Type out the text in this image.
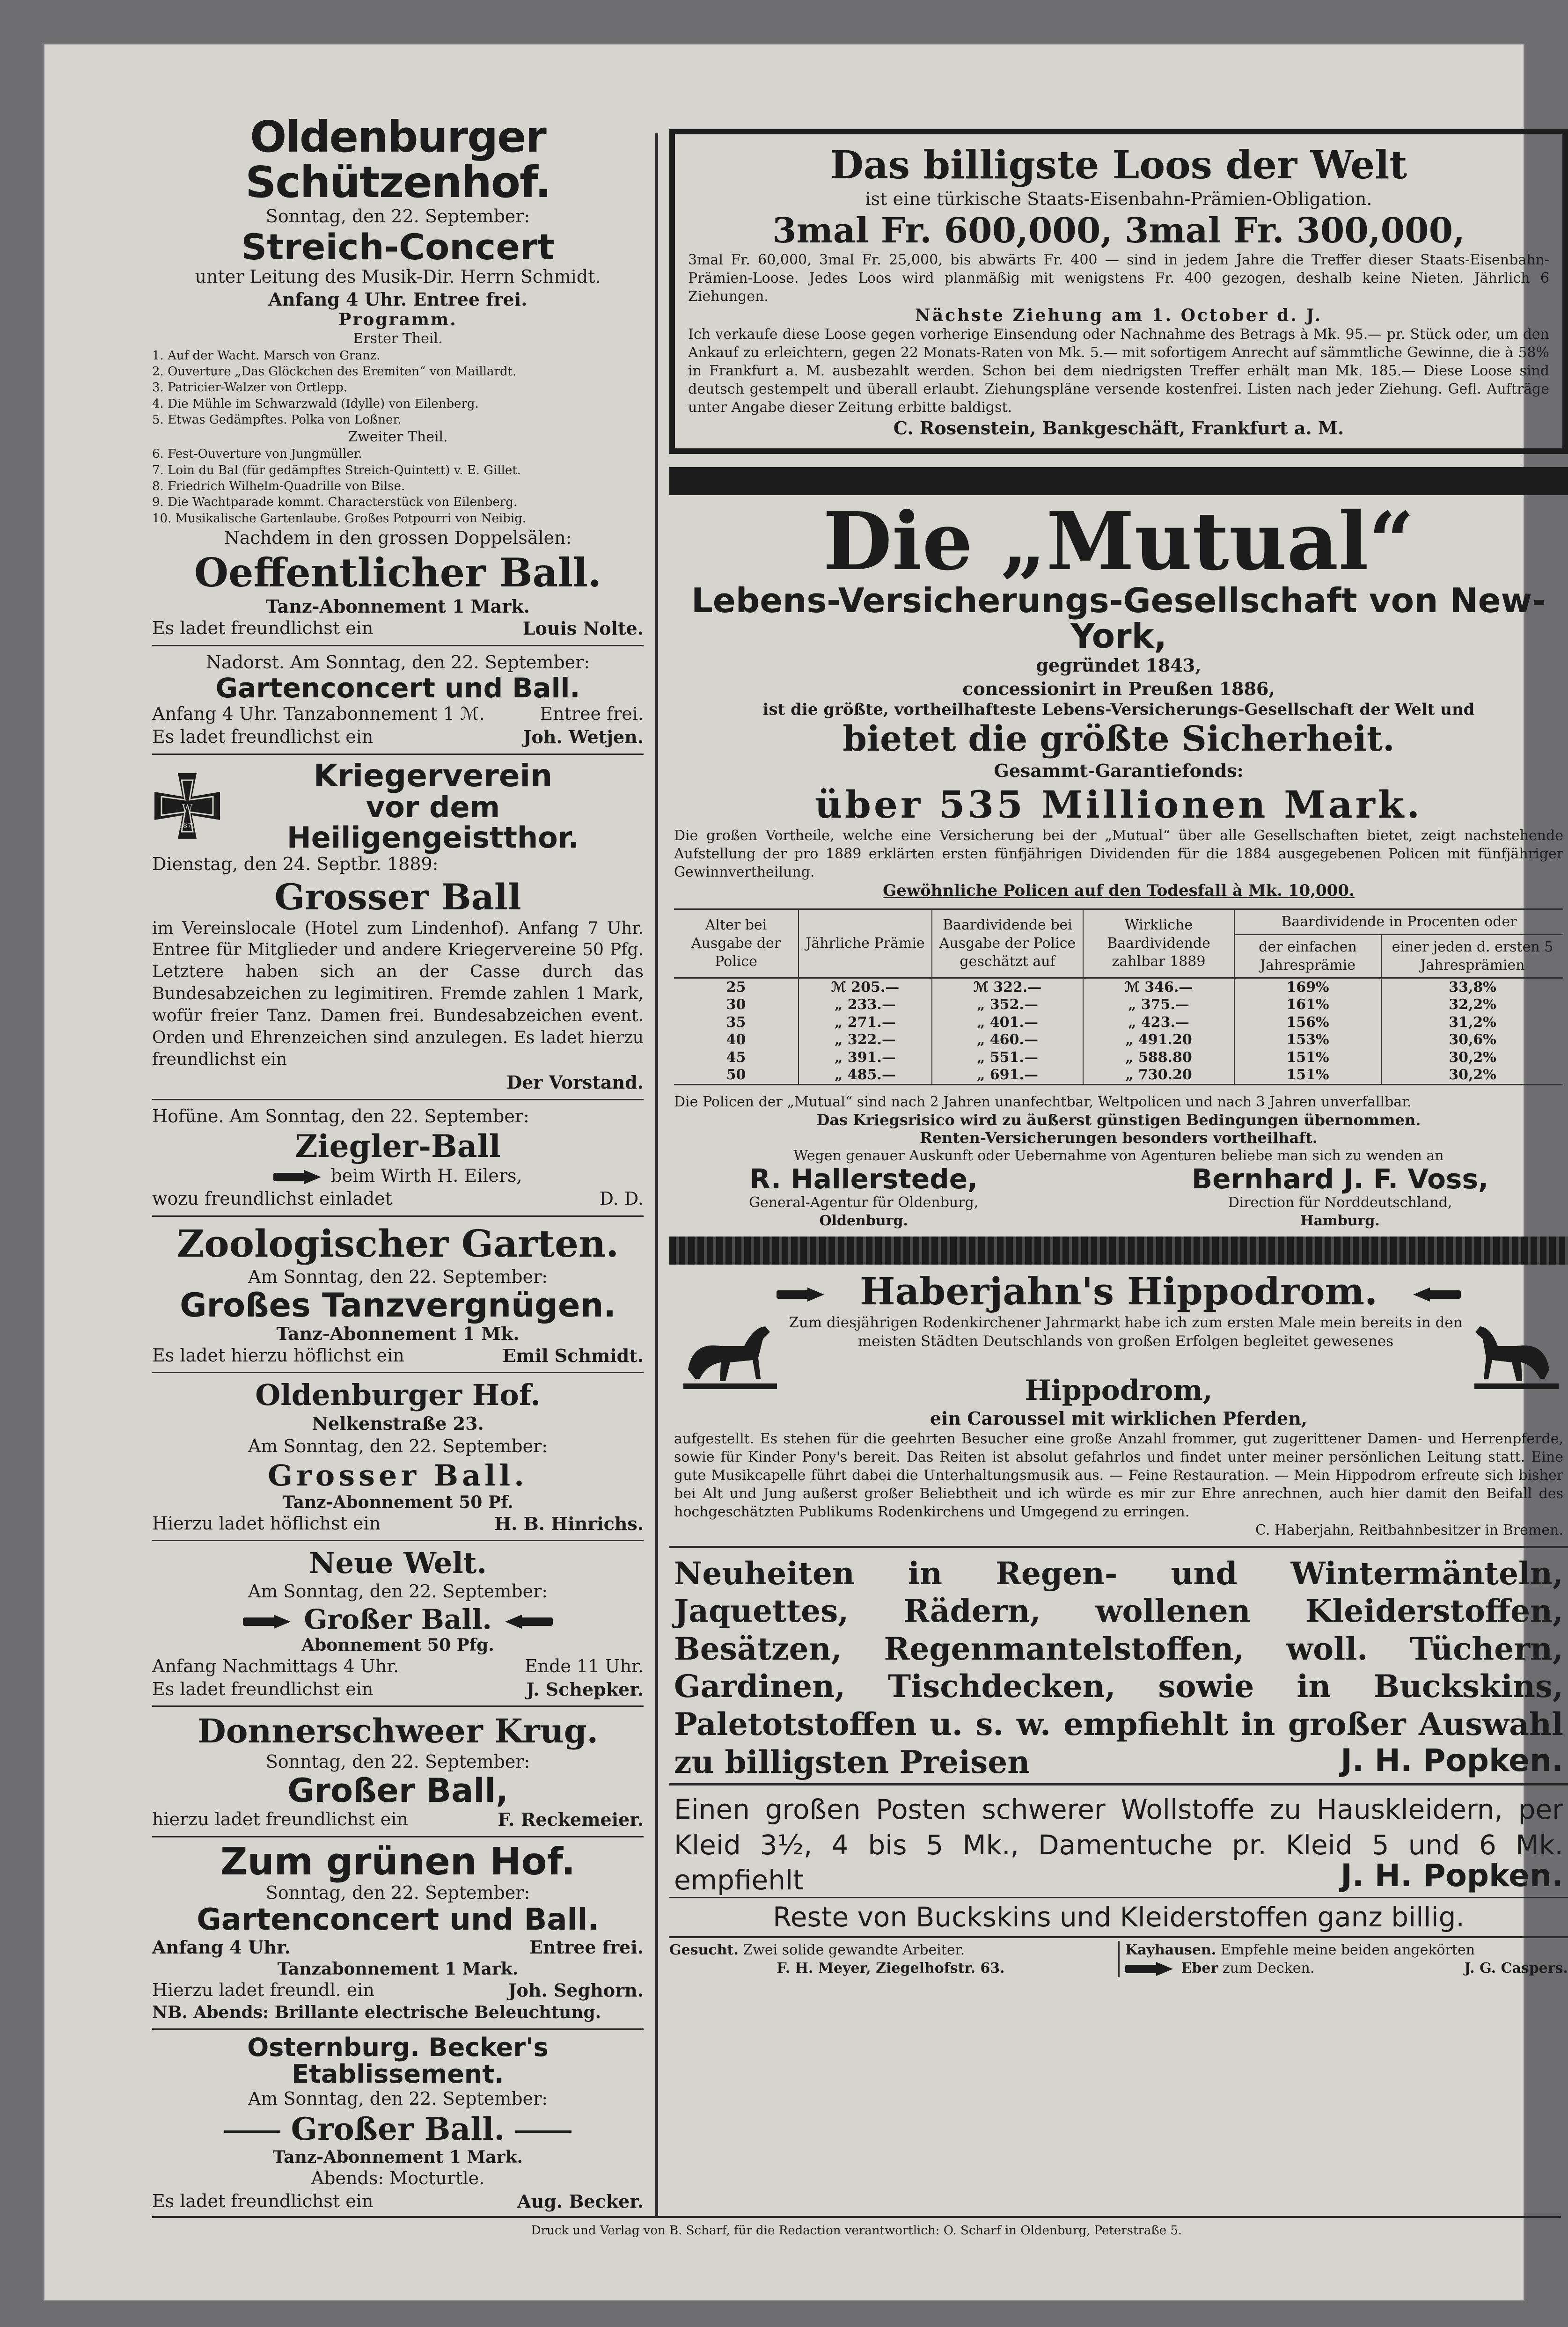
Oldenburger Schützenhof.
Sonntag, den 22. September:
Streich-Concert
unter Leitung des Musik-Dir. Herrn Schmidt.
Anfang 4 Uhr. Entree frei.
Programm.
Erster Theil.
1. Auf der Wacht. Marsch von Granz.
2. Ouverture „Das Glöckchen des Eremiten“ von Maillardt.
3. Patricier-Walzer von Ortlepp.
4. Die Mühle im Schwarzwald (Idylle) von Eilenberg.
5. Etwas Gedämpftes. Polka von Loßner.
Zweiter Theil.
6. Fest-Ouverture von Jungmüller.
7. Loin du Bal (für gedämpftes Streich-Quintett) v. E. Gillet.
8. Friedrich Wilhelm-Quadrille von Bilse.
9. Die Wachtparade kommt. Characterstück von Eilenberg.
10. Musikalische Gartenlaube. Großes Potpourri von Neibig.
Nachdem in den grossen Doppelsälen:
Oeffentlicher Ball.
Tanz-Abonnement 1 Mark.
Es ladet freundlichst ein	Louis Nolte.
Nadorst. Am Sonntag, den 22. September:
Gartenconcert und Ball.
Anfang 4 Uhr. Tanzabonnement 1 ℳ.	Entree frei.
Es ladet freundlichst ein	Joh. Wetjen.
W
1870
Kriegerverein
vor dem Heiligengeistthor.
Dienstag, den 24. Septbr. 1889:
Grosser Ball
im Vereinslocale (Hotel zum Lindenhof). Anfang 7 Uhr. Entree für Mitglieder und andere Kriegervereine 50 Pfg. Letztere haben sich an der Casse durch das Bundesabzeichen zu legimitiren. Fremde zahlen 1 Mark, wofür freier Tanz. Damen frei. Bundesabzeichen event. Orden und Ehrenzeichen sind anzulegen. Es ladet hierzu freundlichst ein
Der Vorstand.
Hofüne. Am Sonntag, den 22. September:
Ziegler-Ball
beim Wirth H. Eilers,
wozu freundlichst einladet	D. D.
Zoologischer Garten.
Am Sonntag, den 22. September:
Großes Tanzvergnügen.
Tanz-Abonnement 1 Mk.
Es ladet hierzu höflichst ein	Emil Schmidt.
Oldenburger Hof.
Nelkenstraße 23.
Am Sonntag, den 22. September:
Grosser Ball.
Tanz-Abonnement 50 Pf.
Hierzu ladet höflichst ein	H. B. Hinrichs.
Neue Welt.
Am Sonntag, den 22. September:
Großer Ball.
Abonnement 50 Pfg.
Anfang Nachmittags 4 Uhr.	Ende 11 Uhr.
Es ladet freundlichst ein	J. Schepker.
Donnerschweer Krug.
Sonntag, den 22. September:
Großer Ball,
hierzu ladet freundlichst ein	F. Reckemeier.
Zum grünen Hof.
Sonntag, den 22. September:
Gartenconcert und Ball.
Anfang 4 Uhr.	Entree frei.
Tanzabonnement 1 Mark.
Hierzu ladet freundl. ein	Joh. Seghorn.
NB. Abends: Brillante electrische Beleuchtung.
Osternburg. Becker's Etablissement.
Am Sonntag, den 22. September:
Großer Ball.
Tanz-Abonnement 1 Mark.
Abends: Mocturtle.
Es ladet freundlichst ein	Aug. Becker.
Das billigste Loos der Welt
ist eine türkische Staats-Eisenbahn-Prämien-Obligation.
3mal Fr. 600,000, 3mal Fr. 300,000,
3mal Fr. 60,000, 3mal Fr. 25,000, bis abwärts Fr. 400 — sind in jedem Jahre die Treffer dieser Staats-Eisenbahn-Prämien-Loose. Jedes Loos wird planmäßig mit wenigstens Fr. 400 gezogen, deshalb keine Nieten. Jährlich 6 Ziehungen.
Nächste Ziehung am 1. October d. J.
Ich verkaufe diese Loose gegen vorherige Einsendung oder Nachnahme des Betrags à Mk. 95.— pr. Stück oder, um den Ankauf zu erleichtern, gegen 22 Monats-Raten von Mk. 5.— mit sofortigem Anrecht auf sämmtliche Gewinne, die à 58% in Frankfurt a. M. ausbezahlt werden. Schon bei dem niedrigsten Treffer erhält man Mk. 185.— Diese Loose sind deutsch gestempelt und überall erlaubt. Ziehungspläne versende kostenfrei. Listen nach jeder Ziehung. Gefl. Aufträge unter Angabe dieser Zeitung erbitte baldigst.
C. Rosenstein, Bankgeschäft, Frankfurt a. M.
Die „Mutual“
Lebens-Versicherungs-Gesellschaft von New-York,
gegründet 1843,
concessionirt in Preußen 1886,
ist die größte, vortheilhafteste Lebens-Versicherungs-Gesellschaft der Welt und
bietet die größte Sicherheit.
Gesammt-Garantiefonds:
über 535 Millionen Mark.
Die großen Vortheile, welche eine Versicherung bei der „Mutual“ über alle Gesellschaften bietet, zeigt nachstehende Aufstellung der pro 1889 erklärten ersten fünfjährigen Dividenden für die 1884 ausgegebenen Policen mit fünfjähriger Gewinnvertheilung.
Gewöhnliche Policen auf den Todesfall à Mk. 10,000.
Alter bei Ausgabe der Police	Jährliche Prämie	Baardividende bei Ausgabe der Police geschätzt auf	Wirkliche Baardividende zahlbar 1889	Baardividende in Procenten oder	
				der einfachen Jahresprämie	einer jeden d. ersten 5 Jahresprämien
25	ℳ 205.—	ℳ 322.—	ℳ 346.—	169%	33,8%
30	„ 233.—	„ 352.—	„ 375.—	161%	32,2%
35	„ 271.—	„ 401.—	„ 423.—	156%	31,2%
40	„ 322.—	„ 460.—	„ 491.20	153%	30,6%
45	„ 391.—	„ 551.—	„ 588.80	151%	30,2%
50	„ 485.—	„ 691.—	„ 730.20	151%	30,2%
Die Policen der „Mutual“ sind nach 2 Jahren unanfechtbar, Weltpolicen und nach 3 Jahren unverfallbar.
Das Kriegsrisico wird zu äußerst günstigen Bedingungen übernommen.
Renten-Versicherungen besonders vortheilhaft.
Wegen genauer Auskunft oder Uebernahme von Agenturen beliebe man sich zu wenden an
R. Hallerstede,
General-Agentur für Oldenburg,
Oldenburg.
Bernhard J. F. Voss,
Direction für Norddeutschland,
Hamburg.
Haberjahn's Hippodrom.
Zum diesjährigen Rodenkirchener Jahrmarkt habe ich zum ersten Male mein bereits in den meisten Städten Deutschlands von großen Erfolgen begleitet gewesenes
Hippodrom,
ein Caroussel mit wirklichen Pferden,
aufgestellt. Es stehen für die geehrten Besucher eine große Anzahl frommer, gut zugerittener Damen- und Herrenpferde, sowie für Kinder Pony's bereit. Das Reiten ist absolut gefahrlos und findet unter meiner persönlichen Leitung statt. Eine gute Musikcapelle führt dabei die Unterhaltungsmusik aus. — Feine Restauration. — Mein Hippodrom erfreute sich bisher bei Alt und Jung außerst großer Beliebtheit und ich würde es mir zur Ehre anrechnen, auch hier damit den Beifall des hochgeschätzten Publikums Rodenkirchens und Umgegend zu erringen.
C. Haberjahn, Reitbahnbesitzer in Bremen.
Neuheiten in Regen- und Wintermänteln, Jaquettes, Rädern, wollenen Kleiderstoffen, Besätzen, Regenmantelstoffen, woll. Tüchern, Gardinen, Tischdecken, sowie in Buckskins, Paletotstoffen u. s. w. empfiehlt in großer Auswahl zu billigsten Preisen	J. H. Popken.
Einen großen Posten schwerer Wollstoffe zu Hauskleidern, per Kleid 3½, 4 bis 5 Mk., Damentuche pr. Kleid 5 und 6 Mk. empfiehlt	J. H. Popken.
Reste von Buckskins und Kleiderstoffen ganz billig.
Gesucht. Zwei solide gewandte Arbeiter.
F. H. Meyer, Ziegelhofstr. 63.
Kayhausen. Empfehle meine beiden angekörten
Eber zum Decken.	J. G. Caspers.
Druck und Verlag von B. Scharf, für die Redaction verantwortlich: O. Scharf in Oldenburg, Peterstraße 5.
